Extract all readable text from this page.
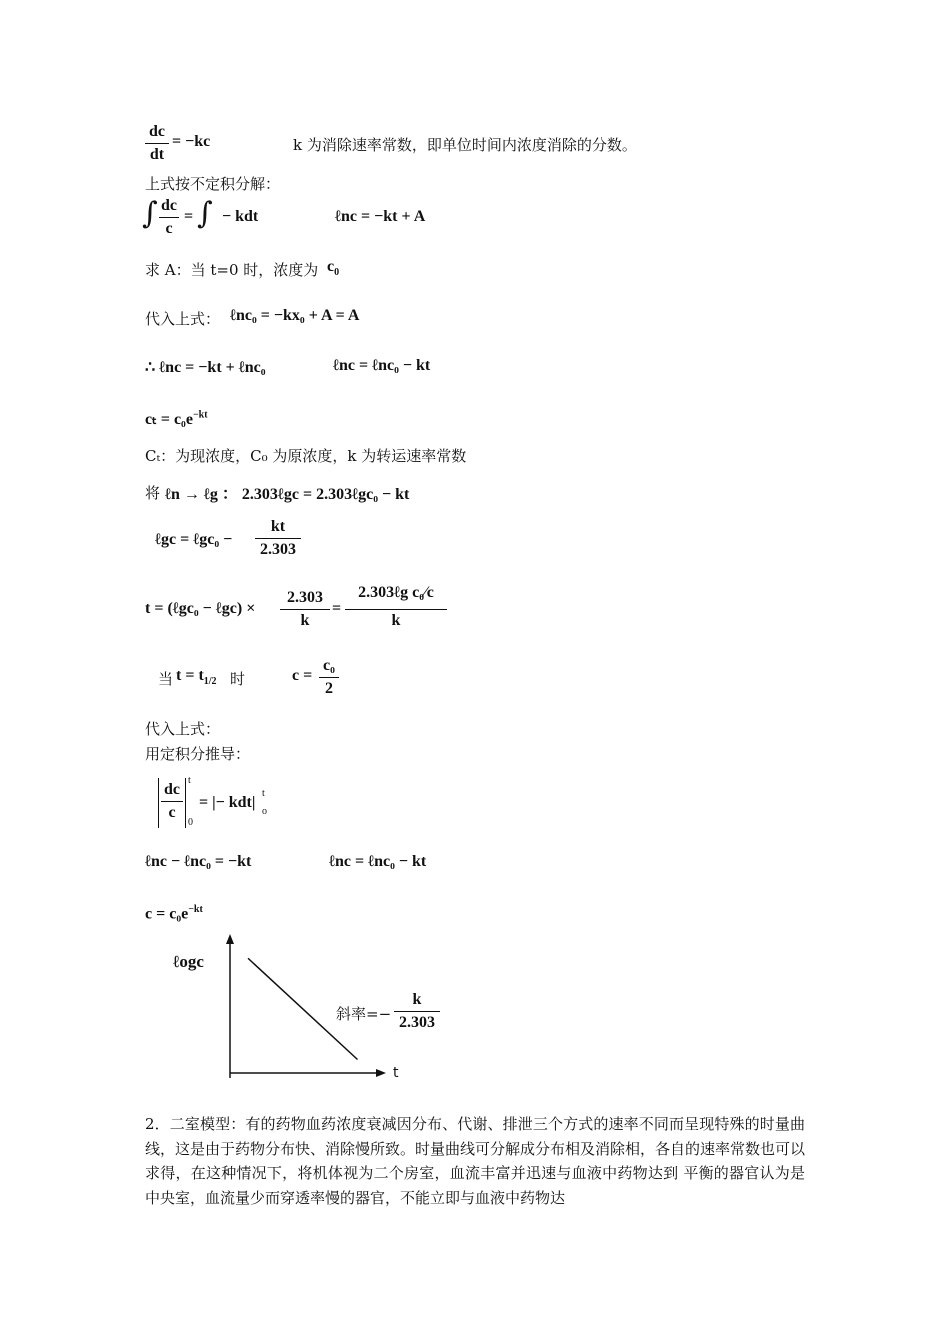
dc
dt
= −kc	k 为消除速率常数，即单位时间内浓度消除的分数。
上式按不定积分解：
∫ dc
c
= ∫ − kdt	ℓnc = −kt + A
求 A：当 t=0 时，浓度为 $c_0$
代入上式： ℓnc₀ = −kx₀ + A = A
∴ ℓnc = −kt + ℓnc₀	ℓnc = ℓnc₀ − kt
$c_t = c_0e^{-kt}$
Cₜ：为现浓度，C₀ 为原浓度，k 为转运速率常数
将 ℓn → ℓg ： 2.303ℓgc = 2.303ℓgc₀ − kt
ℓgc = ℓgc₀ −
kt
2.303
t = (ℓgc₀ − ℓgc) ×
2.303
k
=
2.303ℓg c₀⁄c
k
当 $t = t_{1/2}$ 时	c =
c₀
2
代入上式：
用定积分推导：
dc
c
t
0
= |− kdt|
t
o
ℓnc − ℓnc₀ = −kt	ℓnc = ℓnc₀ − kt
$c = c_0e^{-kt}$
ℓogc
t
斜率=−
k
2.303
2．二室模型：有的药物血药浓度衰减因分布、代谢、排泄三个方式的速率不同而呈现特殊的时量曲线，这是由于药物分布快、消除慢所致。时量曲线可分解成分布相及消除相，各自的速率常数也可以求得，在这种情况下，将机体视为二个房室，血流丰富并迅速与血液中药物达到 平衡的器官认为是中央室，血流量少而穿透率慢的器官，不能立即与血液中药物达
